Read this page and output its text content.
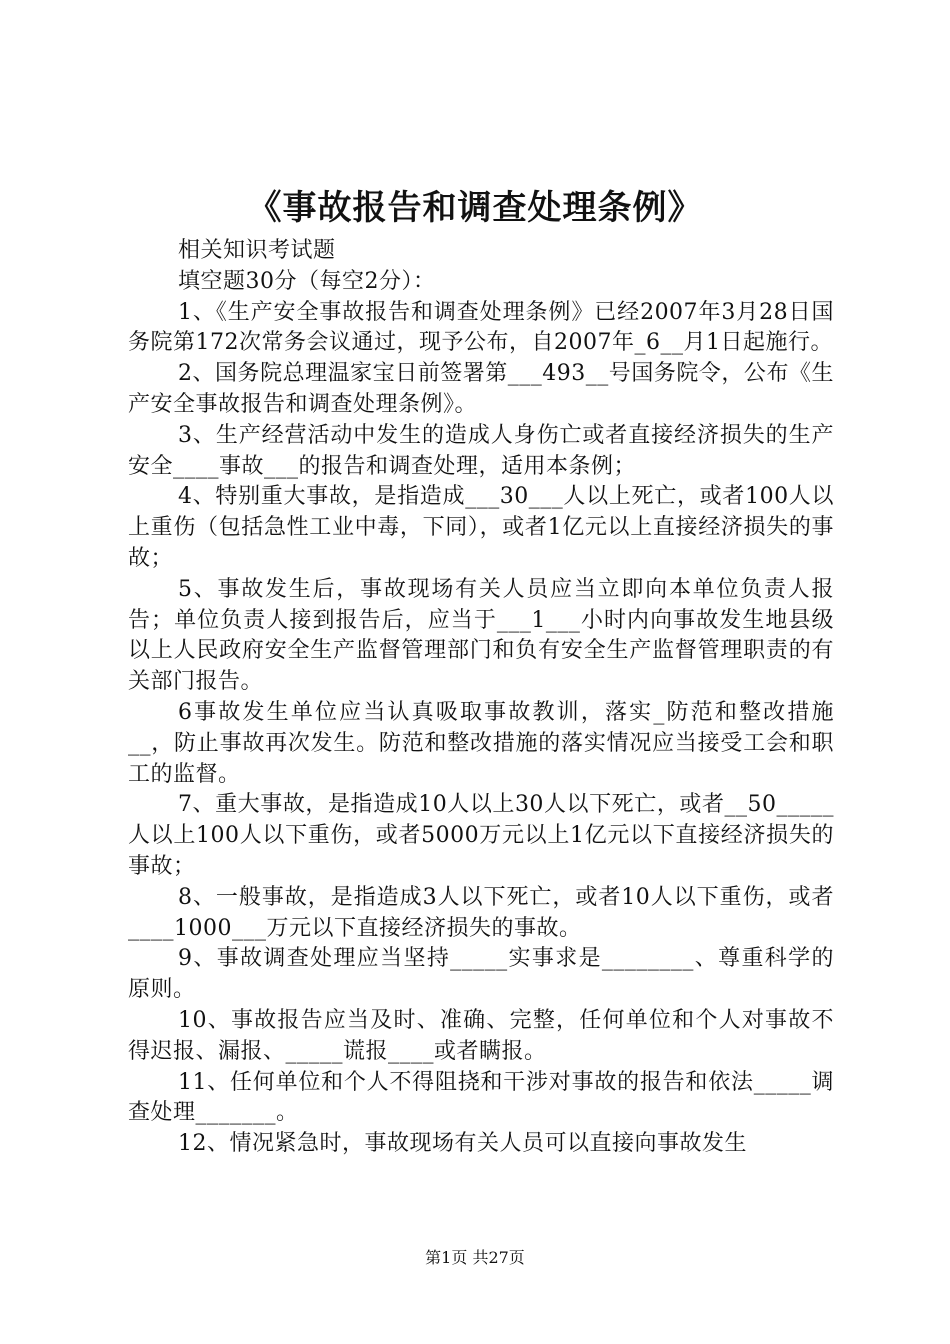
《事故报告和调查处理条例》

相关知识考试题

填空题30分（每空2分）：

1、《生产安全事故报告和调查处理条例》已经2007年3月28日国务院第172次常务会议通过，现予公布，自2007年_6__月1日起施行。

2、国务院总理温家宝日前签署第___493__号国务院令，公布《生产安全事故报告和调查处理条例》。

3、生产经营活动中发生的造成人身伤亡或者直接经济损失的生产安全____事故___的报告和调查处理，适用本条例；

4、特别重大事故，是指造成___30___人以上死亡，或者100人以上重伤（包括急性工业中毒，下同），或者1亿元以上直接经济损失的事故；

5、事故发生后，事故现场有关人员应当立即向本单位负责人报告；单位负责人接到报告后，应当于___1___小时内向事故发生地县级以上人民政府安全生产监督管理部门和负有安全生产监督管理职责的有关部门报告。

6事故发生单位应当认真吸取事故教训，落实_防范和整改措施__，防止事故再次发生。防范和整改措施的落实情况应当接受工会和职工的监督。

7、重大事故，是指造成10人以上30人以下死亡，或者__50_____人以上100人以下重伤，或者5000万元以上1亿元以下直接经济损失的事故；

8、一般事故，是指造成3人以下死亡，或者10人以下重伤，或者____1000___万元以下直接经济损失的事故。

9、事故调查处理应当坚持_____实事求是________、尊重科学的原则。

10、事故报告应当及时、准确、完整，任何单位和个人对事故不得迟报、漏报、_____谎报____或者瞒报。

11、任何单位和个人不得阻挠和干涉对事故的报告和依法_____调查处理_______。

12、情况紧急时，事故现场有关人员可以直接向事故发生

第1页 共27页
